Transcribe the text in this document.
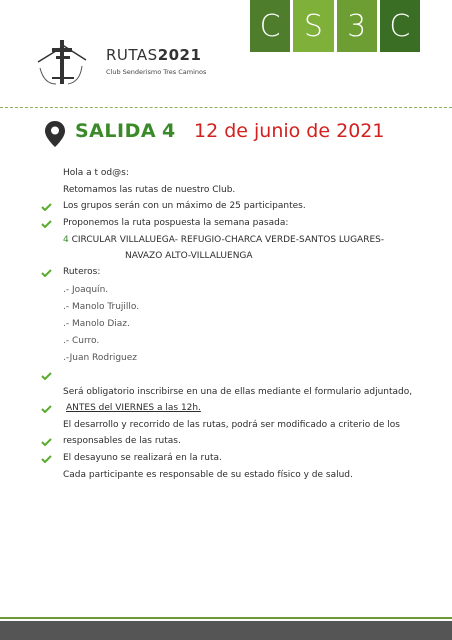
RUTAS2021
Club Senderismo Tres Caminos
C S 3 C
SALIDA 4 12 de junio de 2021
Hola a t od@s:
Retomamos las rutas de nuestro Club.
Los grupos serán con un máximo de 25 participantes.
Proponemos la ruta pospuesta la semana pasada:
4 CIRCULAR VILLALUEGA- REFUGIO-CHARCA VERDE-SANTOS LUGARES-
NAVAZO ALTO-VILLALUENGA
Ruteros:
.- Joaquín.
.- Manolo Trujillo.
.- Manolo Diaz.
.- Curro.
.-Juan Rodriguez
Será obligatorio inscribirse en una de ellas mediante el formulario adjuntado,
ANTES del VIERNES a las 12h.
El desarrollo y recorrido de las rutas, podrá ser modificado a criterio de los
responsables de las rutas.
El desayuno se realizará en la ruta.
Cada participante es responsable de su estado físico y de salud.
